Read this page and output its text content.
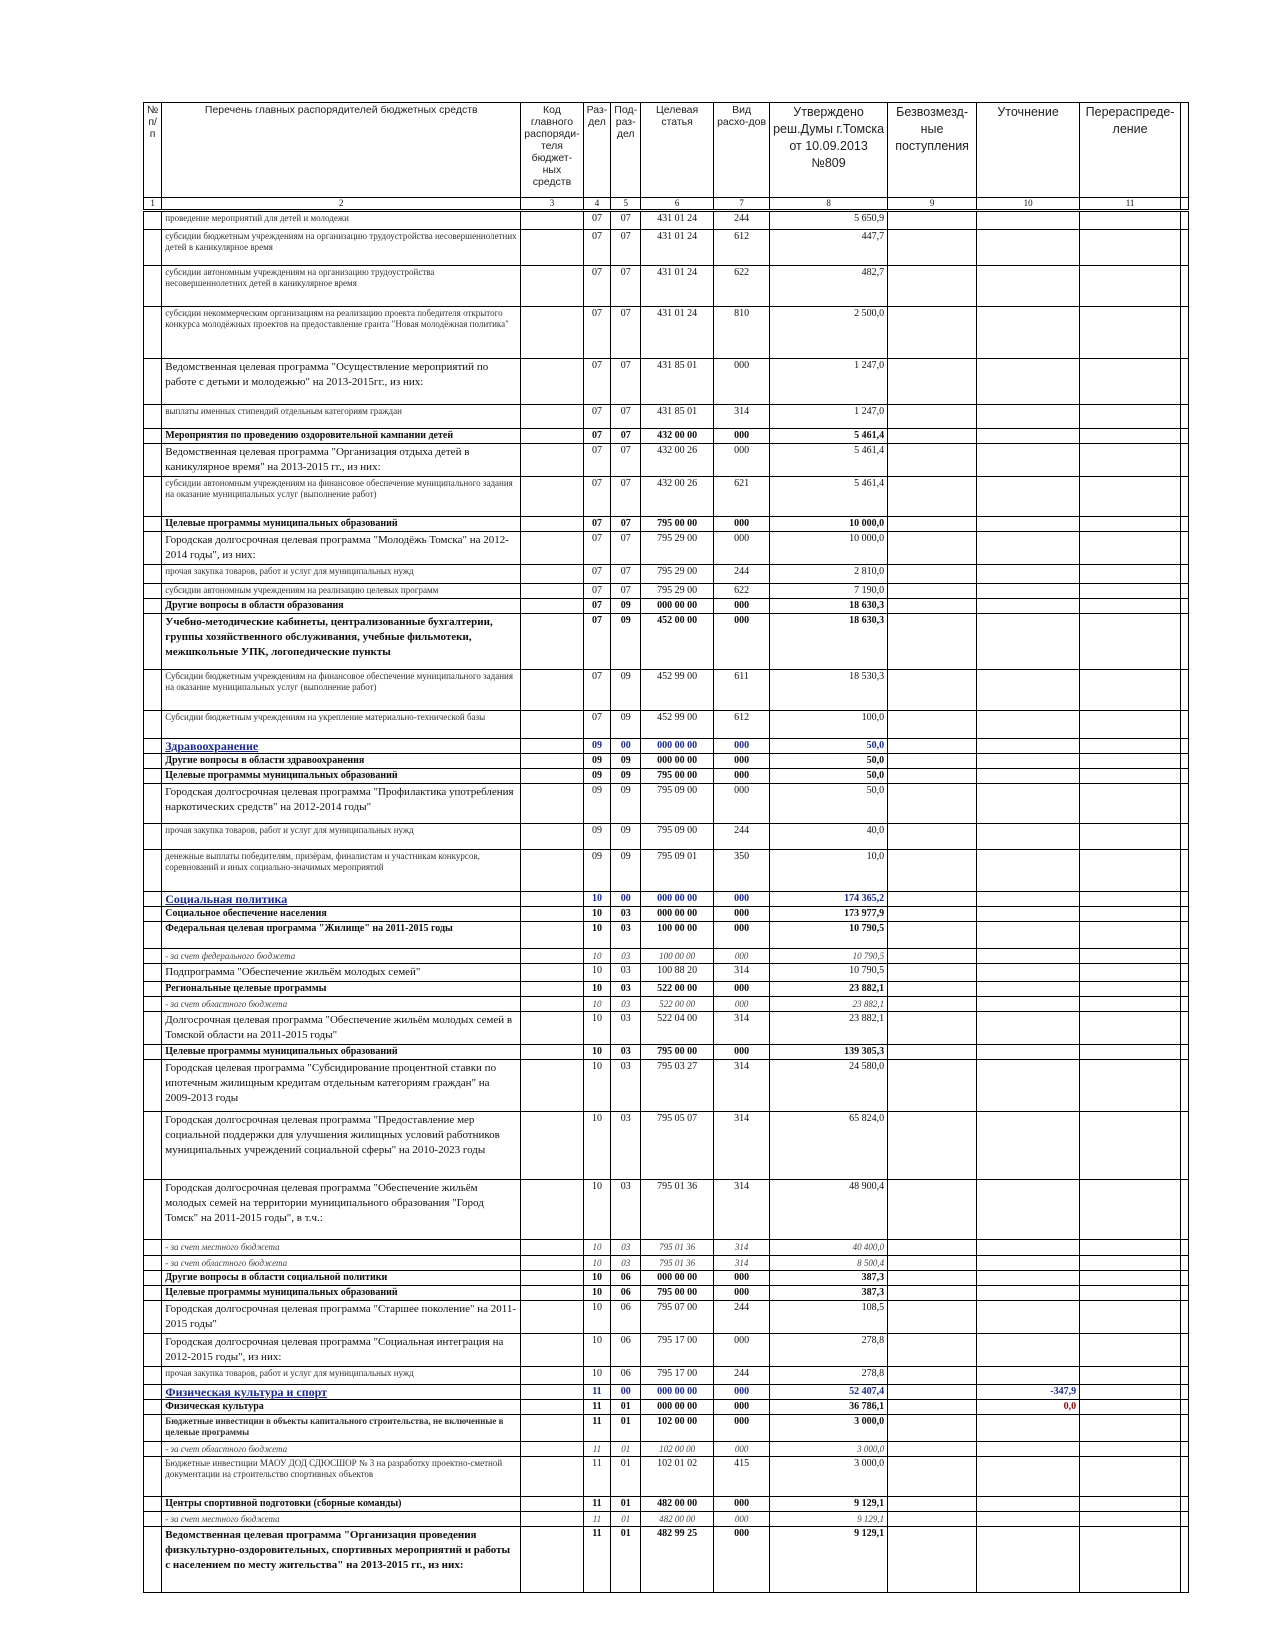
№ п/п	Перечень главных распорядителей бюджетных средств	Код главного распоряди-теля бюджет-ных средств	Раз-дел	Под-раз-дел	Целевая статья	Вид расхо-дов	Утверждено реш.Думы г.Томска от 10.09.2013 №809	Безвозмезд-ные поступления	Уточнение	Перераспреде-ление	
1	2	3	4	5	6	7	8	9	10	11	
	проведение мероприятий для детей и молодежи		07	07	431 01 24	244	5 650,9				
	субсидии бюджетным учреждениям на организацию трудоустройства несовершеннолетних детей в каникулярное время		07	07	431 01 24	612	447,7				
	субсидии автономным учреждениям на организацию трудоустройства несовершеннолетних детей в каникулярное время		07	07	431 01 24	622	482,7				
	субсидии некоммерческим организациям на реализацию проекта победителя открытого конкурса молодёжных проектов на предоставление гранта "Новая молодёжная политика"		07	07	431 01 24	810	2 500,0				
	Ведомственная целевая программа "Осуществление мероприятий по работе с детьми и молодежью" на 2013-2015гг., из них:		07	07	431 85 01	000	1 247,0				
	выплаты именных стипендий отдельным категориям граждан		07	07	431 85 01	314	1 247,0				
	Мероприятия по проведению оздоровительной кампании детей		07	07	432 00 00	000	5 461,4				
	Ведомственная целевая программа "Организация отдыха детей в каникулярное время" на 2013-2015 гг., из них:		07	07	432 00 26	000	5 461,4				
	субсидии автономным учреждениям на финансовое обеспечение муниципального задания на оказание муниципальных услуг (выполнение работ)		07	07	432 00 26	621	5 461,4				
	Целевые программы муниципальных образований		07	07	795 00 00	000	10 000,0				
	Городская долгосрочная целевая программа "Молодёжь Томска" на 2012-2014 годы", из них:		07	07	795 29 00	000	10 000,0				
	прочая закупка товаров, работ и услуг для муниципальных нужд		07	07	795 29 00	244	2 810,0				
	субсидии автономным учреждениям на реализацию целевых программ		07	07	795 29 00	622	7 190,0				
	Другие вопросы в области образования		07	09	000 00 00	000	18 630,3				
	Учебно-методические кабинеты, централизованные бухгалтерии, группы хозяйственного обслуживания, учебные фильмотеки, межшкольные УПК, логопедические пункты		07	09	452 00 00	000	18 630,3				
	Субсидии бюджетным учреждениям на финансовое обеспечение муниципального задания на оказание муниципальных услуг (выполнение работ)		07	09	452 99 00	611	18 530,3				
	Субсидии бюджетным учреждениям на укрепление материально-технической базы		07	09	452 99 00	612	100,0				
	Здравоохранение		09	00	000 00 00	000	50,0				
	Другие вопросы в области здравоохранения		09	09	000 00 00	000	50,0				
	Целевые программы муниципальных образований		09	09	795 00 00	000	50,0				
	Городская долгосрочная целевая программа "Профилактика употребления наркотических средств" на 2012-2014 годы"		09	09	795 09 00	000	50,0				
	прочая закупка товаров, работ и услуг для муниципальных нужд		09	09	795 09 00	244	40,0				
	денежные выплаты победителям, призёрам, финалистам и участникам конкурсов, соревнований и иных социально-значимых мероприятий		09	09	795 09 01	350	10,0				
	Социальная политика		10	00	000 00 00	000	174 365,2				
	Социальное обеспечение населения		10	03	000 00 00	000	173 977,9				
	Федеральная целевая программа "Жилище" на 2011-2015 годы		10	03	100 00 00	000	10 790,5				
	- за счет федерального бюджета		10	03	100 00 00	000	10 790,5				
	Подпрограмма "Обеспечение жильём молодых семей"		10	03	100 88 20	314	10 790,5				
	Региональные целевые программы		10	03	522 00 00	000	23 882,1				
	- за счет областного бюджета		10	03	522 00 00	000	23 882,1				
	Долгосрочная целевая программа "Обеспечение жильём молодых семей в Томской области на 2011-2015 годы"		10	03	522 04 00	314	23 882,1				
	Целевые программы муниципальных образований		10	03	795 00 00	000	139 305,3				
	Городская целевая программа "Субсидирование процентной ставки по ипотечным жилищным кредитам отдельным категориям граждан" на 2009-2013 годы		10	03	795 03 27	314	24 580,0				
	Городская долгосрочная целевая программа "Предоставление мер социальной поддержки для улучшения жилищных условий работников муниципальных учреждений социальной сферы" на 2010-2023 годы		10	03	795 05 07	314	65 824,0				
	Городская долгосрочная целевая программа "Обеспечение жильём молодых семей на территории муниципального образования "Город Томск" на 2011-2015 годы", в т.ч.:		10	03	795 01 36	314	48 900,4				
	- за счет местного бюджета		10	03	795 01 36	314	40 400,0				
	- за счет областного бюджета		10	03	795 01 36	314	8 500,4				
	Другие вопросы в области социальной политики		10	06	000 00 00	000	387,3				
	Целевые программы муниципальных образований		10	06	795 00 00	000	387,3				
	Городская долгосрочная целевая программа "Старшее поколение" на 2011-2015 годы"		10	06	795 07 00	244	108,5				
	Городская долгосрочная целевая программа "Социальная интеграция на 2012-2015 годы", из них:		10	06	795 17 00	000	278,8				
	прочая закупка товаров, работ и услуг для муниципальных нужд		10	06	795 17 00	244	278,8				
	Физическая культура и спорт		11	00	000 00 00	000	52 407,4		-347,9		
	Физическая культура		11	01	000 00 00	000	36 786,1		0,0		
	Бюджетные инвестиции в объекты капитального строительства, не включенные в целевые программы		11	01	102 00 00	000	3 000,0				
	- за счет областного бюджета		11	01	102 00 00	000	3 000,0				
	Бюджетные инвестиции МАОУ ДОД СДЮСШОР № 3 на разработку проектно-сметной документации на строительство спортивных объектов		11	01	102 01 02	415	3 000,0				
	Центры спортивной подготовки (сборные команды)		11	01	482 00 00	000	9 129,1				
	- за счет местного бюджета		11	01	482 00 00	000	9 129,1				
	Ведомственная целевая программа "Организация проведения физкультурно-оздоровительных, спортивных мероприятий и работы с населением по месту жительства" на 2013-2015 гг., из них:		11	01	482 99 25	000	9 129,1				
